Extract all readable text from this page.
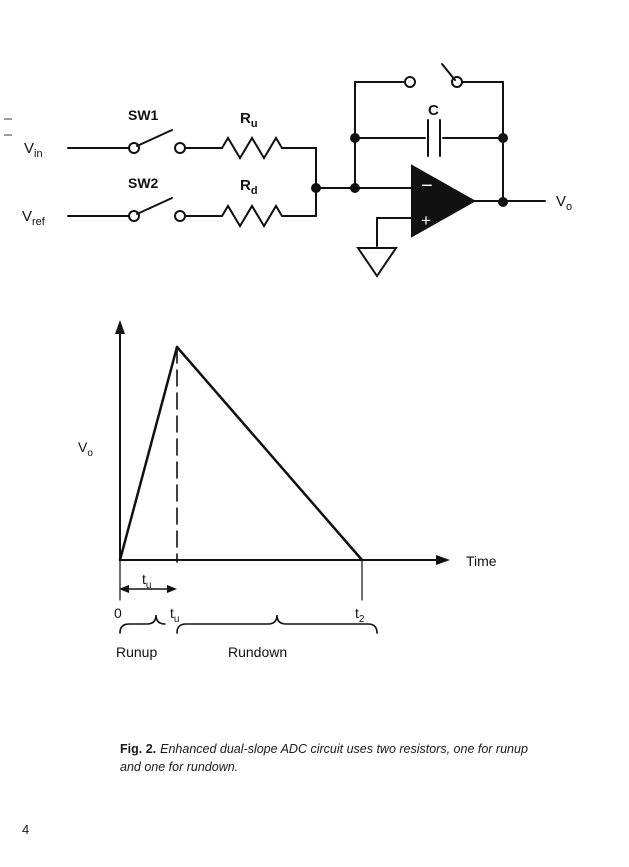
$V_{in}$
$V_{ref}$
SW1
SW2
$R_u$
$R_d$
C
−
+
$V_o$
$V_o$
Time
$t_u$
0	$t_u$	$t_2$
Runup	Rundown
Fig. 2. Enhanced dual-slope ADC circuit uses two resistors, one for runup and one for rundown.
4
